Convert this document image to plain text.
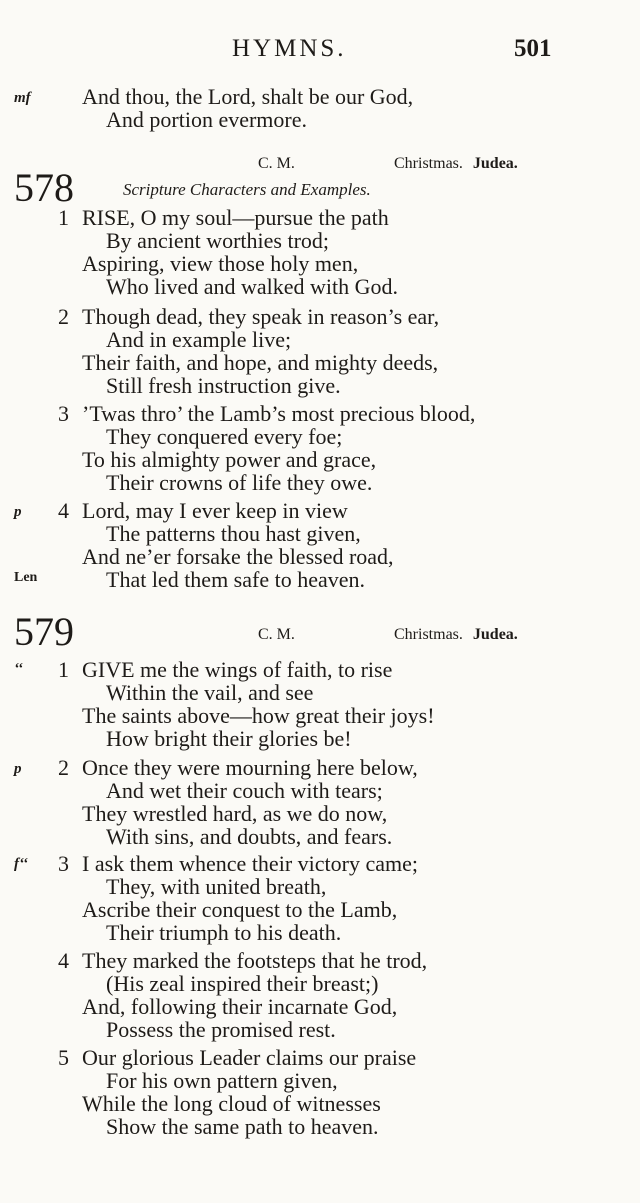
HYMNS.	501
mf And thou, the Lord, shalt be our God,
And portion evermore.
C. M.	Christmas. Judea.
578	Scripture Characters and Examples.
1 RISE, O my soul—pursue the path
By ancient worthies trod;
Aspiring, view those holy men,
Who lived and walked with God.
2 Though dead, they speak in reason’s ear,
And in example live;
Their faith, and hope, and mighty deeds,
Still fresh instruction give.
3 ’Twas thro’ the Lamb’s most precious blood,
They conquered every foe;
To his almighty power and grace,
Their crowns of life they owe.
p 4 Lord, may I ever keep in view
The patterns thou hast given,
And ne’er forsake the blessed road,
Len	That led them safe to heaven.
579	C. M.	Christmas. Judea.
‘‘ 1 GIVE me the wings of faith, to rise
Within the vail, and see
The saints above—how great their joys!
How bright their glories be!
p 2 Once they were mourning here below,
And wet their couch with tears;
They wrestled hard, as we do now,
With sins, and doubts, and fears.
f‘‘ 3 I ask them whence their victory came;
They, with united breath,
Ascribe their conquest to the Lamb,
Their triumph to his death.
4 They marked the footsteps that he trod,
(His zeal inspired their breast;)
And, following their incarnate God,
Possess the promised rest.
5 Our glorious Leader claims our praise
For his own pattern given,
While the long cloud of witnesses
Show the same path to heaven.
